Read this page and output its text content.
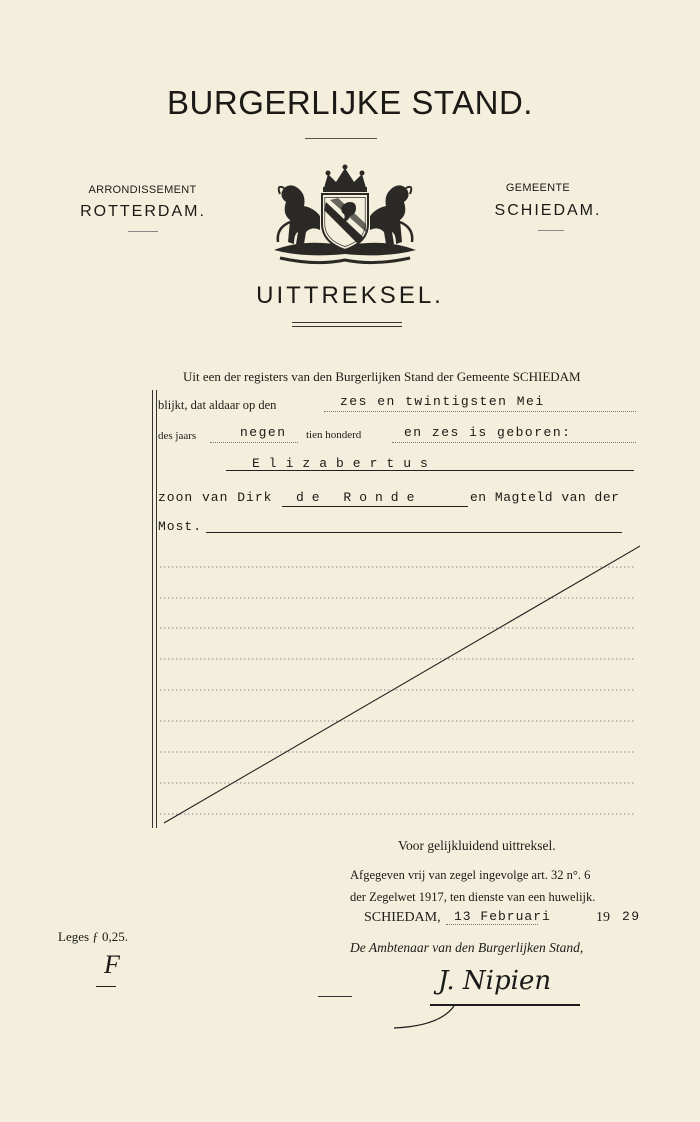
BURGERLIJKE STAND.
ARRONDISSEMENT
ROTTERDAM.
GEMEENTE
SCHIEDAM.
UITTREKSEL.
Uit een der registers van den Burgerlijken Stand der Gemeente SCHIEDAM
blijkt, dat aldaar op den	zes en twintigsten Mei
des jaars	negen tien honderd	en zes is geboren:
Elizabertus
zoon van Dirk de Ronde	en Magteld van der
Most.
Voor gelijkluidend uittreksel.
Afgegeven vrij van zegel ingevolge art. 32 n°. 6
der Zegelwet 1917, ten dienste van een huwelijk.
SCHIEDAM, 13 Februari	19 29
De Ambtenaar van den Burgerlijken Stand,
Leges ƒ 0,25.
F
J. Nipien
